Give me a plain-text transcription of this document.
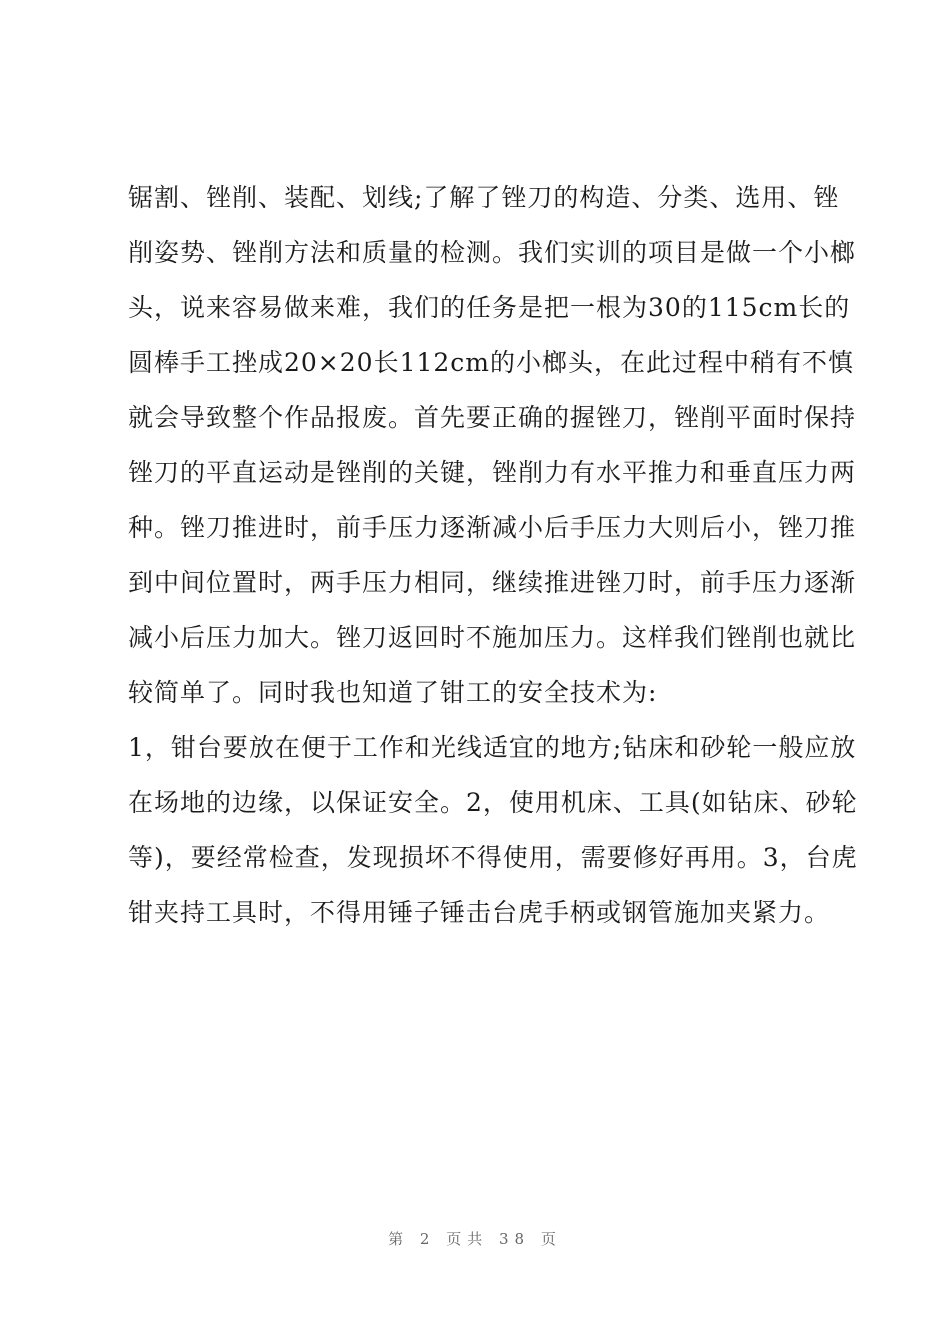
锯割、锉削、装配、划线;了解了锉刀的构造、分类、选用、锉
削姿势、锉削方法和质量的检测。我们实训的项目是做一个小榔
头，说来容易做来难，我们的任务是把一根为30的115cm长的
圆棒手工挫成20×20长112cm的小榔头，在此过程中稍有不慎
就会导致整个作品报废。首先要正确的握锉刀，锉削平面时保持
锉刀的平直运动是锉削的关键，锉削力有水平推力和垂直压力两
种。锉刀推进时，前手压力逐渐减小后手压力大则后小，锉刀推
到中间位置时，两手压力相同，继续推进锉刀时，前手压力逐渐
减小后压力加大。锉刀返回时不施加压力。这样我们锉削也就比
较简单了。同时我也知道了钳工的安全技术为:
1，钳台要放在便于工作和光线适宜的地方;钻床和砂轮一般应放
在场地的边缘，以保证安全。2，使用机床、工具(如钻床、砂轮
等)，要经常检查，发现损坏不得使用，需要修好再用。3，台虎
钳夹持工具时，不得用锤子锤击台虎手柄或钢管施加夹紧力。
第 2 页共 38 页
